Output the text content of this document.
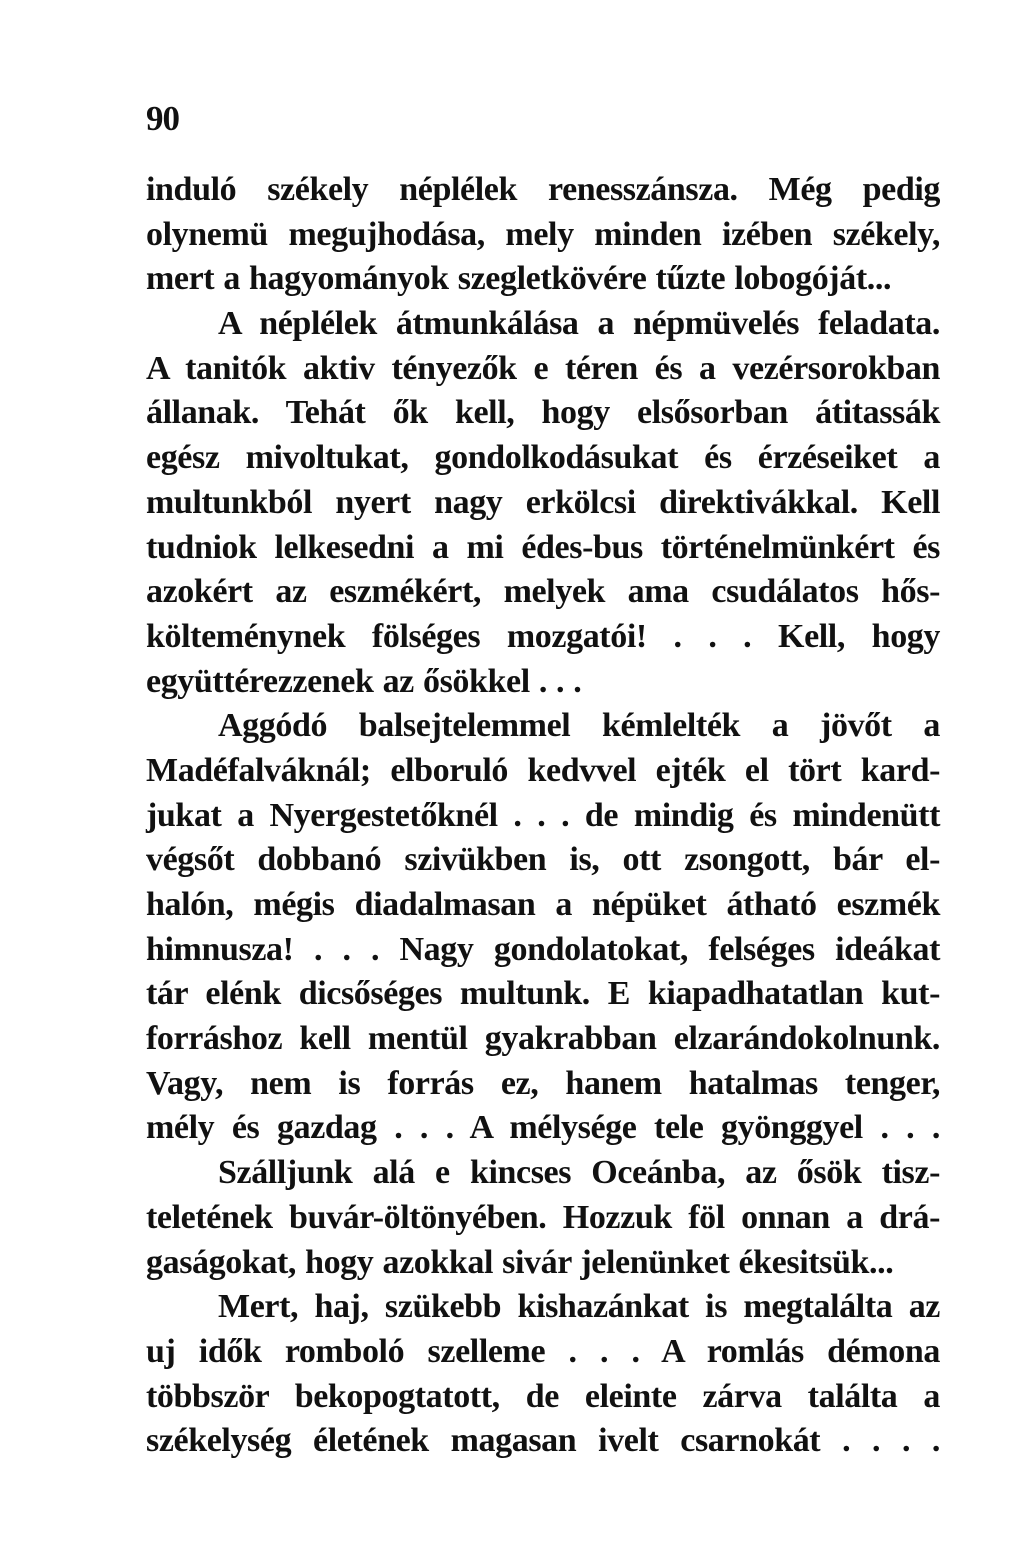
90
induló székely néplélek renesszánsza. Még pedig
olynemü megujhodása, mely minden izében székely,
mert a hagyományok szegletkövére tűzte lobogóját...
A néplélek átmunkálása a népmüvelés feladata.
A tanitók aktiv tényezők e téren és a vezérsorokban
állanak. Tehát ők kell, hogy elsősorban átitassák
egész mivoltukat, gondolkodásukat és érzéseiket a
multunkból nyert nagy erkölcsi direktivákkal. Kell
tudniok lelkesedni a mi édes-bus történelmünkért és
azokért az eszmékért, melyek ama csudálatos hős-
költeménynek fölséges mozgatói! . . . Kell, hogy
együttérezzenek az ősökkel . . .
Aggódó balsejtelemmel kémlelték a jövőt a
Madéfalváknál; elboruló kedvvel ejték el tört kard-
jukat a Nyergestetőknél . . . de mindig és mindenütt
végsőt dobbanó szivükben is, ott zsongott, bár el-
halón, mégis diadalmasan a népüket átható eszmék
himnusza! . . . Nagy gondolatokat, felséges ideákat
tár elénk dicsőséges multunk. E kiapadhatatlan kut-
forráshoz kell mentül gyakrabban elzarándokolnunk.
Vagy, nem is forrás ez, hanem hatalmas tenger,
mély és gazdag . . . A mélysége tele gyönggyel . . .
Szálljunk alá e kincses Oceánba, az ősök tisz-
teletének buvár-öltönyében. Hozzuk föl onnan a drá-
gaságokat, hogy azokkal sivár jelenünket ékesitsük...
Mert, haj, szükebb kishazánkat is megtalálta az
uj idők romboló szelleme . . . A romlás démona
többször bekopogtatott, de eleinte zárva találta a
székelység életének magasan ivelt csarnokát . . . .
